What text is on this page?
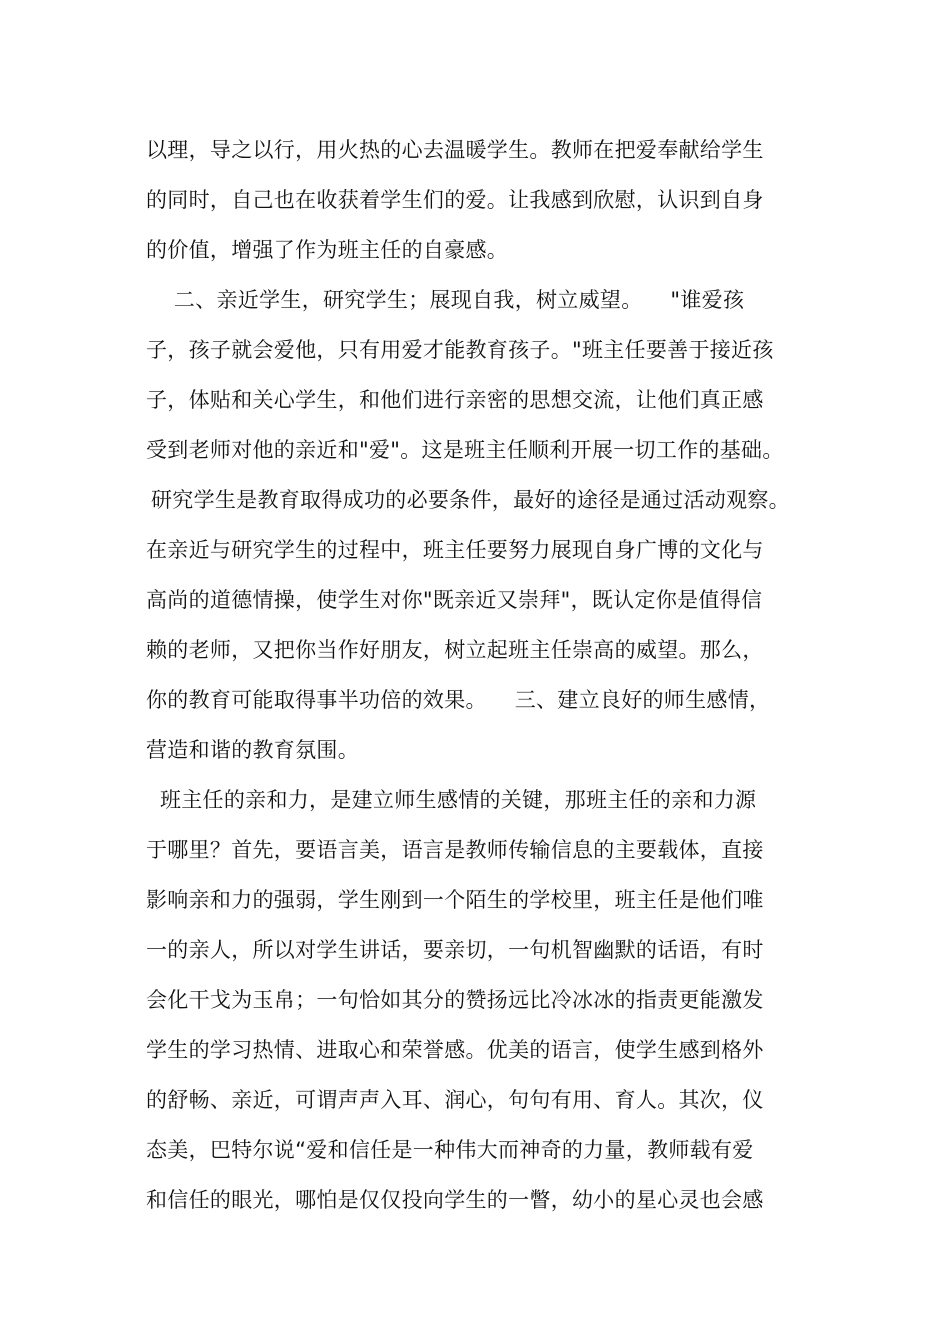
以理，导之以行，用火热的心去温暖学生。教师在把爱奉献给学生
的同时，自己也在收获着学生们的爱。让我感到欣慰，认识到自身
的价值，增强了作为班主任的自豪感。
二、亲近学生，研究学生；展现自我，树立威望。    "谁爱孩
子，孩子就会爱他，只有用爱才能教育孩子。"班主任要善于接近孩
子，体贴和关心学生，和他们进行亲密的思想交流，让他们真正感
受到老师对他的亲近和"爱"。这是班主任顺利开展一切工作的基础。
研究学生是教育取得成功的必要条件，最好的途径是通过活动观察。
在亲近与研究学生的过程中，班主任要努力展现自身广博的文化与
高尚的道德情操，使学生对你"既亲近又崇拜"，既认定你是值得信
赖的老师，又把你当作好朋友，树立起班主任崇高的威望。那么，
你的教育可能取得事半功倍的效果。    三、建立良好的师生感情，
营造和谐的教育氛围。
班主任的亲和力，是建立师生感情的关键，那班主任的亲和力源
于哪里？首先，要语言美，语言是教师传输信息的主要载体，直接
影响亲和力的强弱，学生刚到一个陌生的学校里，班主任是他们唯
一的亲人，所以对学生讲话，要亲切，一句机智幽默的话语，有时
会化干戈为玉帛；一句恰如其分的赞扬远比冷冰冰的指责更能激发
学生的学习热情、进取心和荣誉感。优美的语言，使学生感到格外
的舒畅、亲近，可谓声声入耳、润心，句句有用、育人。其次，仪
态美，巴特尔说“爱和信任是一种伟大而神奇的力量，教师载有爱
和信任的眼光，哪怕是仅仅投向学生的一瞥，幼小的星心灵也会感
